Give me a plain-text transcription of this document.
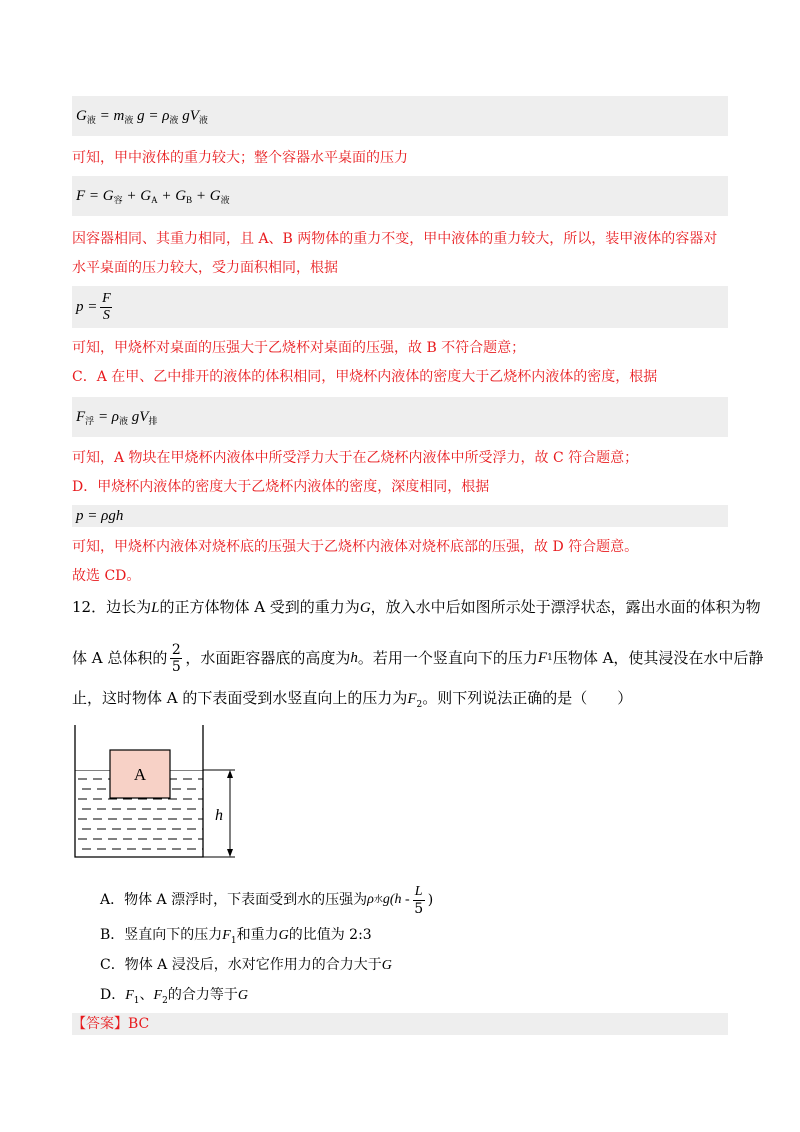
$G_液 = m_液$ $g = \rho_液$ $gV_液$
可知，甲中液体的重力较大；整个容器水平桌面的压力
$F = G_容 + G_A + G_B + G_液$
因容器相同、其重力相同，且 A、B 两物体的重力不变，甲中液体的重力较大，所以，装甲液体的容器对
水平桌面的压力较大，受力面积相同，根据
$p = \frac{F}{S}$
可知，甲烧杯对桌面的压强大于乙烧杯对桌面的压强，故 B 不符合题意；
C．A 在甲、乙中排开的液体的体积相同，甲烧杯内液体的密度大于乙烧杯内液体的密度，根据
$F_浮 = \rho_液$ $gV_排$
可知，A 物块在甲烧杯内液体中所受浮力大于在乙烧杯内液体中所受浮力，故 C 符合题意；
D．甲烧杯内液体的密度大于乙烧杯内液体的密度，深度相同，根据
p = ρgh
可知，甲烧杯内液体对烧杯底的压强大于乙烧杯内液体对烧杯底部的压强，故 D 符合题意。
故选 CD。
12．边长为L的正方体物体 A 受到的重力为G，放入水中后如图所示处于漂浮状态，露出水面的体积为物
体 A 总体积的 $\frac{2}{5}$ ，水面距容器底的高度为 h 。若用一个竖直向下的压力 F 1 压物体 A，使其浸没在水中后静
止，这时物体 A 的下表面受到水竖直向上的压力为$F_2$。则下列说法正确的是（　　）
A
h
A．物体 A 漂浮时，下表面受到水的压强为 ρ 水 $g(h - \frac{L}{5}$ )
B．竖直向下的压力$F_1$和重力G的比值为 2:3
C．物体 A 浸没后，水对它作用力的合力大于G
D．$F_1$、$F_2$的合力等于G
【答案】BC
